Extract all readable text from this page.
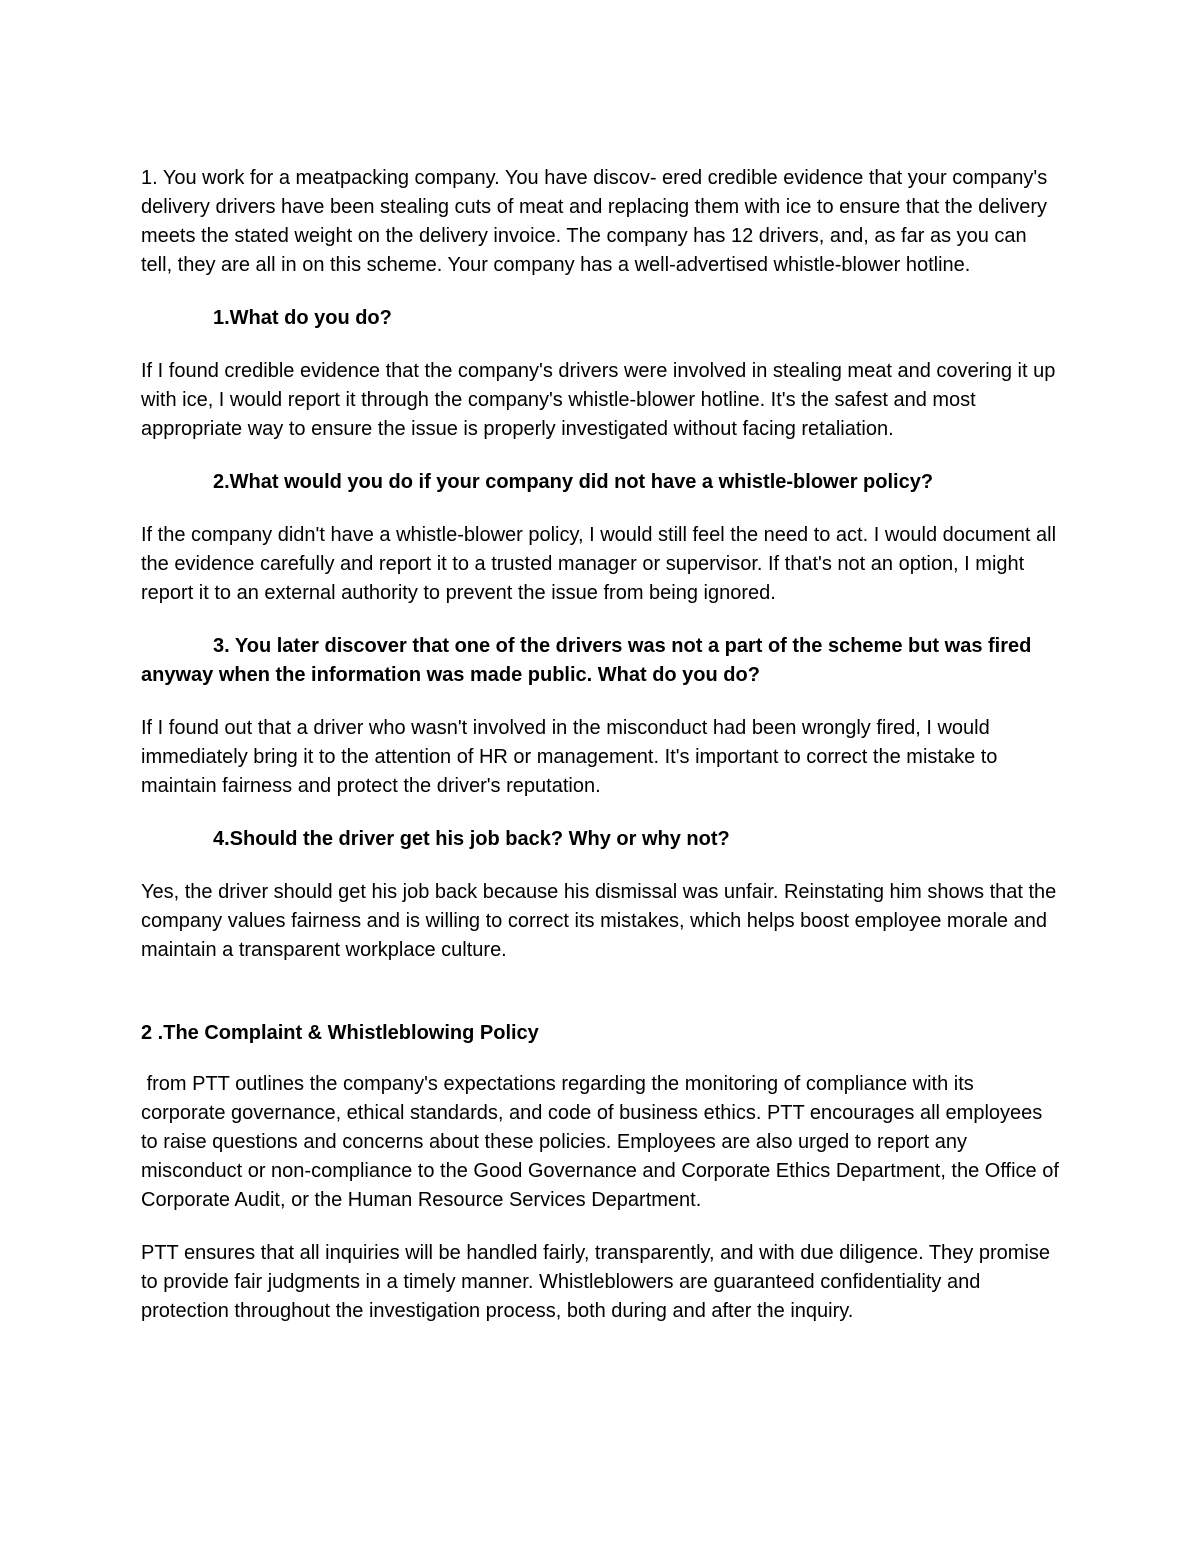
1. You work for a meatpacking company. You have discov- ered credible evidence that your company's delivery drivers have been stealing cuts of meat and replacing them with ice to ensure that the delivery meets the stated weight on the delivery invoice. The company has 12 drivers, and, as far as you can tell, they are all in on this scheme. Your company has a well-advertised whistle-blower hotline.

1.What do you do?

If I found credible evidence that the company's drivers were involved in stealing meat and covering it up with ice, I would report it through the company's whistle-blower hotline. It's the safest and most appropriate way to ensure the issue is properly investigated without facing retaliation.

2.What would you do if your company did not have a whistle-blower policy?

If the company didn't have a whistle-blower policy, I would still feel the need to act. I would document all the evidence carefully and report it to a trusted manager or supervisor. If that's not an option, I might report it to an external authority to prevent the issue from being ignored.

3. You later discover that one of the drivers was not a part of the scheme but was fired anyway when the information was made public. What do you do?

If I found out that a driver who wasn't involved in the misconduct had been wrongly fired, I would immediately bring it to the attention of HR or management. It's important to correct the mistake to maintain fairness and protect the driver's reputation.

4.Should the driver get his job back? Why or why not?

Yes, the driver should get his job back because his dismissal was unfair. Reinstating him shows that the company values fairness and is willing to correct its mistakes, which helps boost employee morale and maintain a transparent workplace culture.

2 .The Complaint & Whistleblowing Policy

from PTT outlines the company's expectations regarding the monitoring of compliance with its corporate governance, ethical standards, and code of business ethics. PTT encourages all employees to raise questions and concerns about these policies. Employees are also urged to report any misconduct or non-compliance to the Good Governance and Corporate Ethics Department, the Office of Corporate Audit, or the Human Resource Services Department.

PTT ensures that all inquiries will be handled fairly, transparently, and with due diligence. They promise to provide fair judgments in a timely manner. Whistleblowers are guaranteed confidentiality and protection throughout the investigation process, both during and after the inquiry.
